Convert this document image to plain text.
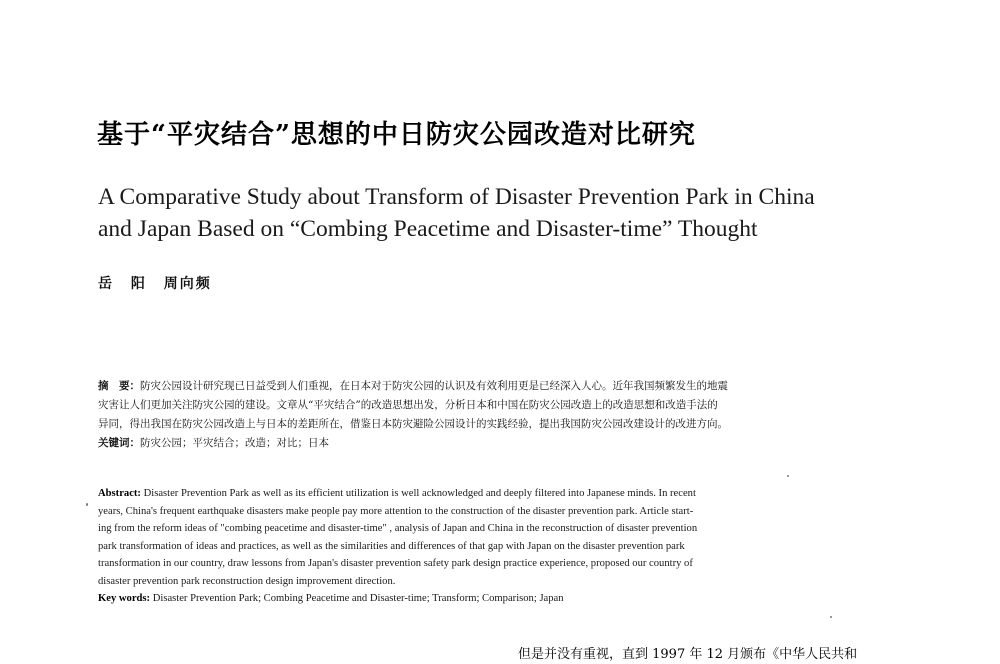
基于“平灾结合”思想的中日防灾公园改造对比研究
A Comparative Study about Transform of Disaster Prevention Park in China
and Japan Based on “Combing Peacetime and Disaster-time” Thought
岳 阳 周向频
摘　要：防灾公园设计研究现已日益受到人们重视，在日本对于防灾公园的认识及有效利用更是已经深入人心。近年我国频繁发生的地震
灾害让人们更加关注防灾公园的建设。文章从“平灾结合”的改造思想出发，分析日本和中国在防灾公园改造上的改造思想和改造手法的
异同，得出我国在防灾公园改造上与日本的差距所在，借鉴日本防灾避险公园设计的实践经验，提出我国防灾公园改建设计的改进方向。
关键词：防灾公园；平灾结合；改造；对比；日本
Abstract: Disaster Prevention Park as well as its efficient utilization is well acknowledged and deeply filtered into Japanese minds. In recent
years, China's frequent earthquake disasters make people pay more attention to the construction of the disaster prevention park. Article start-
ing from the reform ideas of "combing peacetime and disaster-time" , analysis of Japan and China in the reconstruction of disaster prevention
park transformation of ideas and practices, as well as the similarities and differences of that gap with Japan on the disaster prevention park
transformation in our country, draw lessons from Japan's disaster prevention safety park design practice experience, proposed our country of
disaster prevention park reconstruction design improvement direction.
Key words: Disaster Prevention Park; Combing Peacetime and Disaster-time; Transform; Comparison; Japan
但是并没有重视，直到 1997 年 12 月颁布《中华人民共和
